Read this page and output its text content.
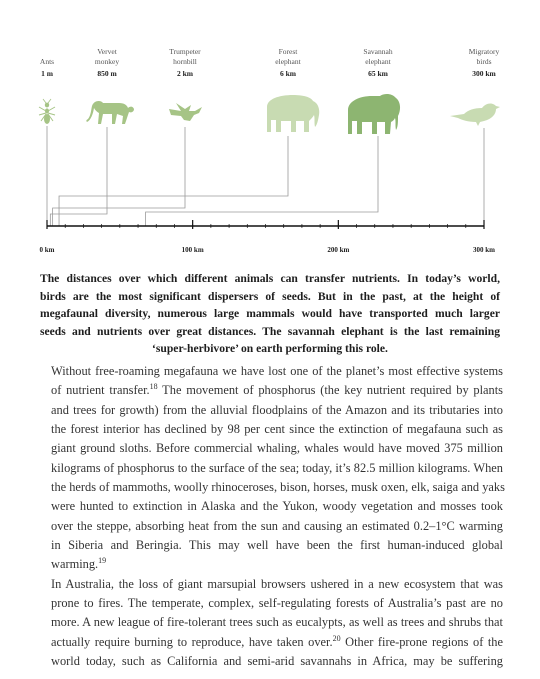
Ants
1 m
Vervet
monkey
850 m
Trumpeter
hornbill
2 km
Forest
elephant
6 km
Savannah
elephant
65 km
Migratory
birds
300 km
0 km	100 km	200 km	300 km

The distances over which different animals can transfer nutrients. In today’s world,
birds are the most significant dispersers of seeds. But in the past, at the height of
megafaunal diversity, numerous large mammals would have transported much larger
seeds and nutrients over great distances. The savannah elephant is the last remaining
‘super-herbivore’ on earth performing this role.

Without free-roaming megafauna we have lost one of the planet’s most effective systems
of nutrient transfer.$^{18}$ The movement of phosphorus (the key nutrient required by plants
and trees for growth) from the alluvial floodplains of the Amazon and its tributaries into
the forest interior has declined by 98 per cent since the extinction of megafauna such as
giant ground sloths. Before commercial whaling, whales would have moved 375 million
kilograms of phosphorus to the surface of the sea; today, it’s 82.5 million kilograms. When
the herds of mammoths, woolly rhinoceroses, bison, horses, musk oxen, elk, saiga and yaks
were hunted to extinction in Alaska and the Yukon, woody vegetation and mosses took
over the steppe, absorbing heat from the sun and causing an estimated 0.2–1°C warming
in Siberia and Beringia. This may well have been the first human-induced global
warming.$^{19}$

In Australia, the loss of giant marsupial browsers ushered in a new ecosystem that was
prone to fires. The temperate, complex, self-regulating forests of Australia’s past are no
more. A new league of fire-tolerant trees such as eucalypts, as well as trees and shrubs that
actually require burning to reproduce, have taken over.$^{20}$ Other fire-prone regions of the
world today, such as California and semi-arid savannahs in Africa, may be suffering
